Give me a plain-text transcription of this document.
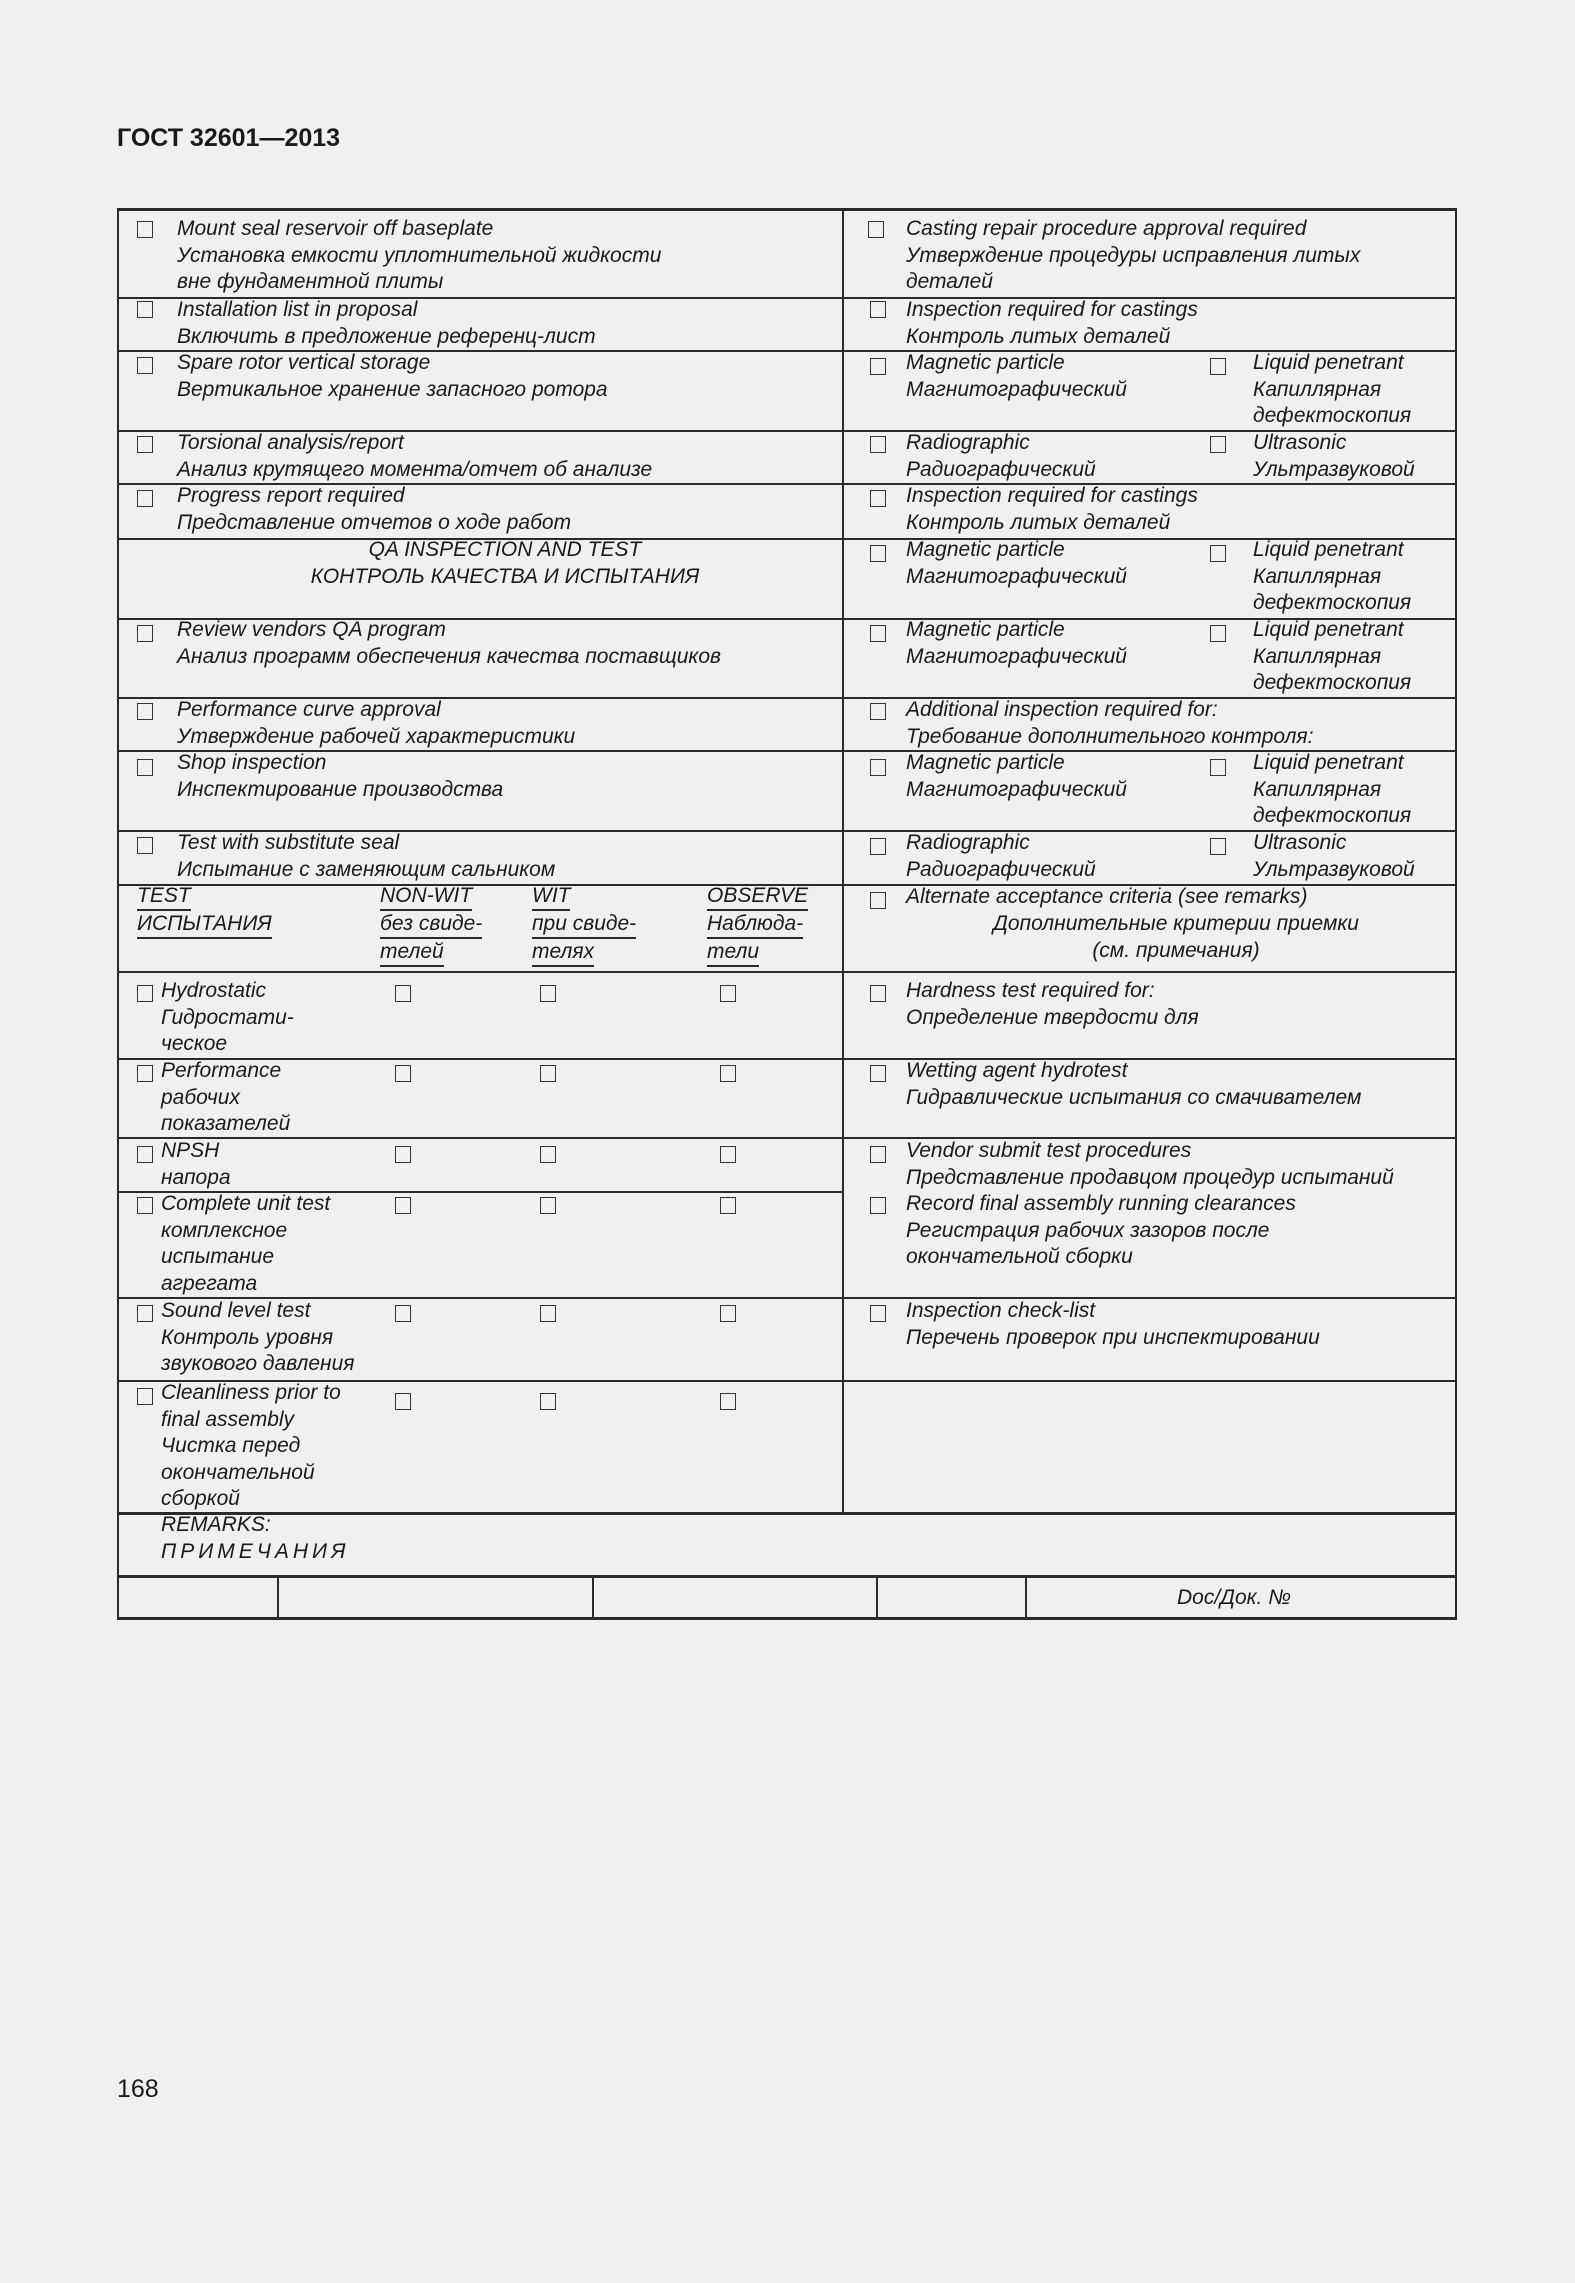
ГОСТ 32601—2013
Mount seal reservoir off baseplate
Установка емкости уплотнительной жидкости
вне фундаментной плиты
Installation list in proposal
Включить в предложение референц-лист
Spare rotor vertical storage
Вертикальное хранение запасного ротора
Torsional analysis/report
Анализ крутящего момента/отчет об анализе
Progress report required
Представление отчетов о ходе работ
QA INSPECTION AND TEST
КОНТРОЛЬ КАЧЕСТВА И ИСПЫТАНИЯ
Review vendors QA program
Анализ программ обеспечения качества поставщиков
Performance curve approval
Утверждение рабочей характеристики
Shop inspection
Инспектирование производства
Test with substitute seal
Испытание с заменяющим сальником
TEST
ИСПЫТАНИЯ
NON-WIT
без свиде-
телей
WIT
при свиде-
телях
OBSERVE
Наблюда-
тели
Hydrostatic
Гидростати-
ческое
Performance
рабочих
показателей
NPSH
напора
Complete unit test
комплексное
испытание
агрегата
Sound level test
Контроль уровня
звукового давления
Cleanliness prior to
final assembly
Чистка перед
окончательной
сборкой
Casting repair procedure approval required
Утверждение процедуры исправления литых
деталей
Inspection required for castings
Контроль литых деталей
Magnetic particle
Магнитографический
Liquid penetrant
Капиллярная
дефектоскопия
Radiographic
Радиографический
Ultrasonic
Ультразвуковой
Inspection required for castings
Контроль литых деталей
Magnetic particle
Магнитографический
Liquid penetrant
Капиллярная
дефектоскопия
Magnetic particle
Магнитографический
Liquid penetrant
Капиллярная
дефектоскопия
Additional inspection required for:
Требование дополнительного контроля:
Magnetic particle
Магнитографический
Liquid penetrant
Капиллярная
дефектоскопия
Radiographic
Радиографический
Ultrasonic
Ультразвуковой
Alternate acceptance criteria (see remarks)
Дополнительные критерии приемки
(см. примечания)
Hardness test required for:
Определение твердости для
Wetting agent hydrotest
Гидравлические испытания со смачивателем
Vendor submit test procedures
Представление продавцом процедур испытаний
Record final assembly running clearances
Регистрация рабочих зазоров после
окончательной сборки
Inspection check-list
Перечень проверок при инспектировании
REMARKS:
ПРИМЕЧАНИЯ
Doc/Док. №
168
